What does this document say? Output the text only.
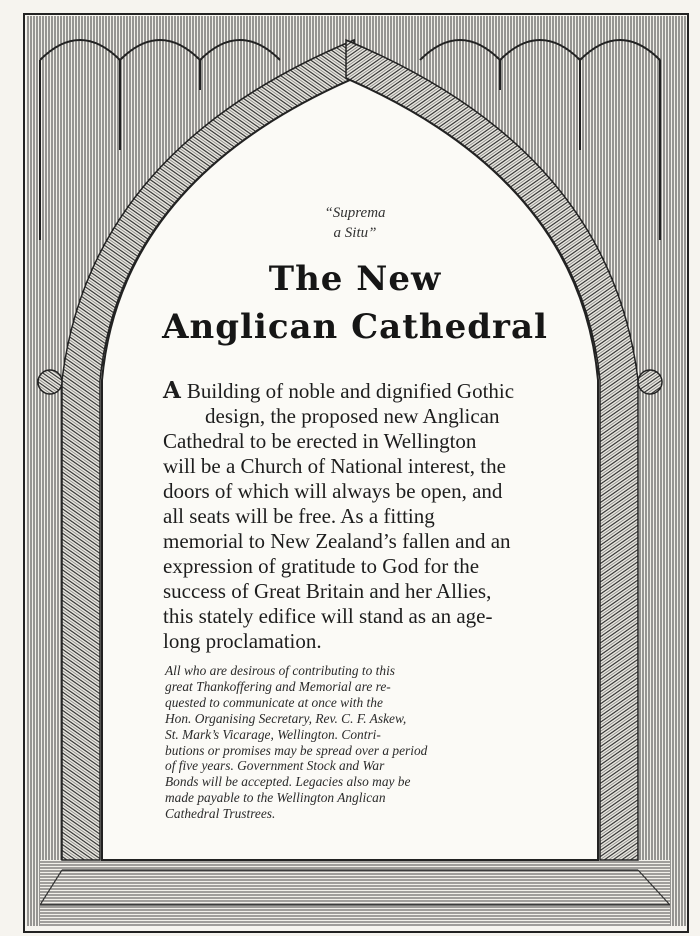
“Suprema
a Situ”
The New
Anglican Cathedral
A Building of noble and dignified Gothic
design, the proposed new Anglican
Cathedral to be erected in Wellington
will be a Church of National interest, the
doors of which will always be open, and
all seats will be free. As a fitting
memorial to New Zealand’s fallen and an
expression of gratitude to God for the
success of Great Britain and her Allies,
this stately edifice will stand as an age-
long proclamation.
All who are desirous of contributing to this
great Thankoffering and Memorial are re-
quested to communicate at once with the
Hon. Organising Secretary, Rev. C. F. Askew,
St. Mark’s Vicarage, Wellington. Contri-
butions or promises may be spread over a period
of five years. Government Stock and War
Bonds will be accepted. Legacies also may be
made payable to the Wellington Anglican
Cathedral Trustrees.
